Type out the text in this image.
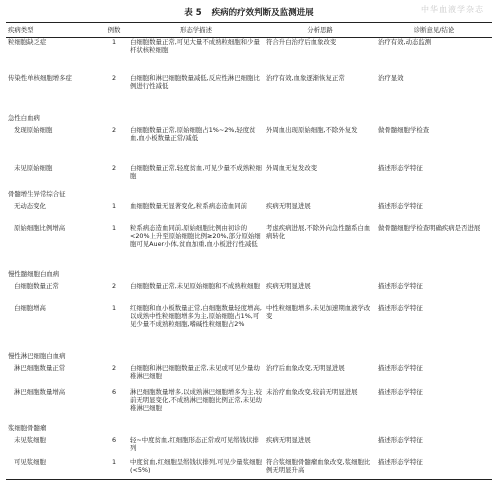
表 5 疾病的疗效判断及监测进展	中华血液学杂志
疾病类型	例数	形态学描述	分析思路	诊断意见/结论
粒细胞缺乏症	1	白细胞数量正常,可见大量不成熟粒细胞和少量杆状核粒细胞	符合升白治疗后血象改变	治疗有效,动态监测
传染性单核细胞增多症	2	白细胞和淋巴细胞数量减低,反应性淋巴细胞比例进行性减低	治疗有效,血象逐渐恢复正常	治疗显效
急性白血病				
发现原始细胞	2	白细胞数量正常,原始细胞占1%~2%,轻度贫血,血小板数量正常/减低	外周血出现原始细胞,不除外复发	做骨髓细胞学检查
未见原始细胞	2	白细胞数量正常,轻度贫血,可见少量不成熟粒细胞	外周血无复发改变	描述形态学特征
骨髓增生异常综合征				
无动态变化	1	血细胞数量无显著变化,粒系病态造血同前	疾病无明显进展	描述形态学特征
原始细胞比例增高	1	粒系病态造血同前,原始细胞比例由初诊的<20%上升至原始细胞比例≥20%,部分原始细胞可见Auer小体,贫血加重,血小板进行性减低	考虑疾病进展,不除外向急性髓系白血病转化	做骨髓细胞学检查明确疾病是否进展
慢性髓细胞白血病				
白细胞数量正常	2	白细胞数量正常,未见原始细胞和不成熟粒细胞	疾病无明显进展	描述形态学特征
白细胞增高	1	红细胞和血小板数量正常,白细胞数量轻度增高,以成熟中性粒细胞增多为主,原始细胞占1%,可见少量不成熟粒细胞,嗜碱性粒细胞占2%	中性粒细胞增多,未见加速期血液学改变	描述形态学特征
慢性淋巴细胞白血病				
淋巴细胞数量正常	2	白细胞和淋巴细胞数量正常,未见或可见少量幼稚淋巴细胞	治疗后血象改变,无明显进展	描述形态学特征
淋巴细胞数量增高	6	淋巴细胞数量增多,以成熟淋巴细胞增多为主,较前无明显变化,不成熟淋巴细胞比例正常,未见幼稚淋巴细胞	未治疗血象改变,较前无明显进展	描述形态学特征
浆细胞骨髓瘤				
未见浆细胞	6	轻~中度贫血,红细胞形态正常或可见缗钱状排列	疾病无明显进展	描述形态学特征
可见浆细胞	1	中度贫血,红细胞呈缗钱状排列,可见少量浆细胞(<5%)	符合浆细胞骨髓瘤血象改变,浆细胞比例无明显升高	描述形态学特征
